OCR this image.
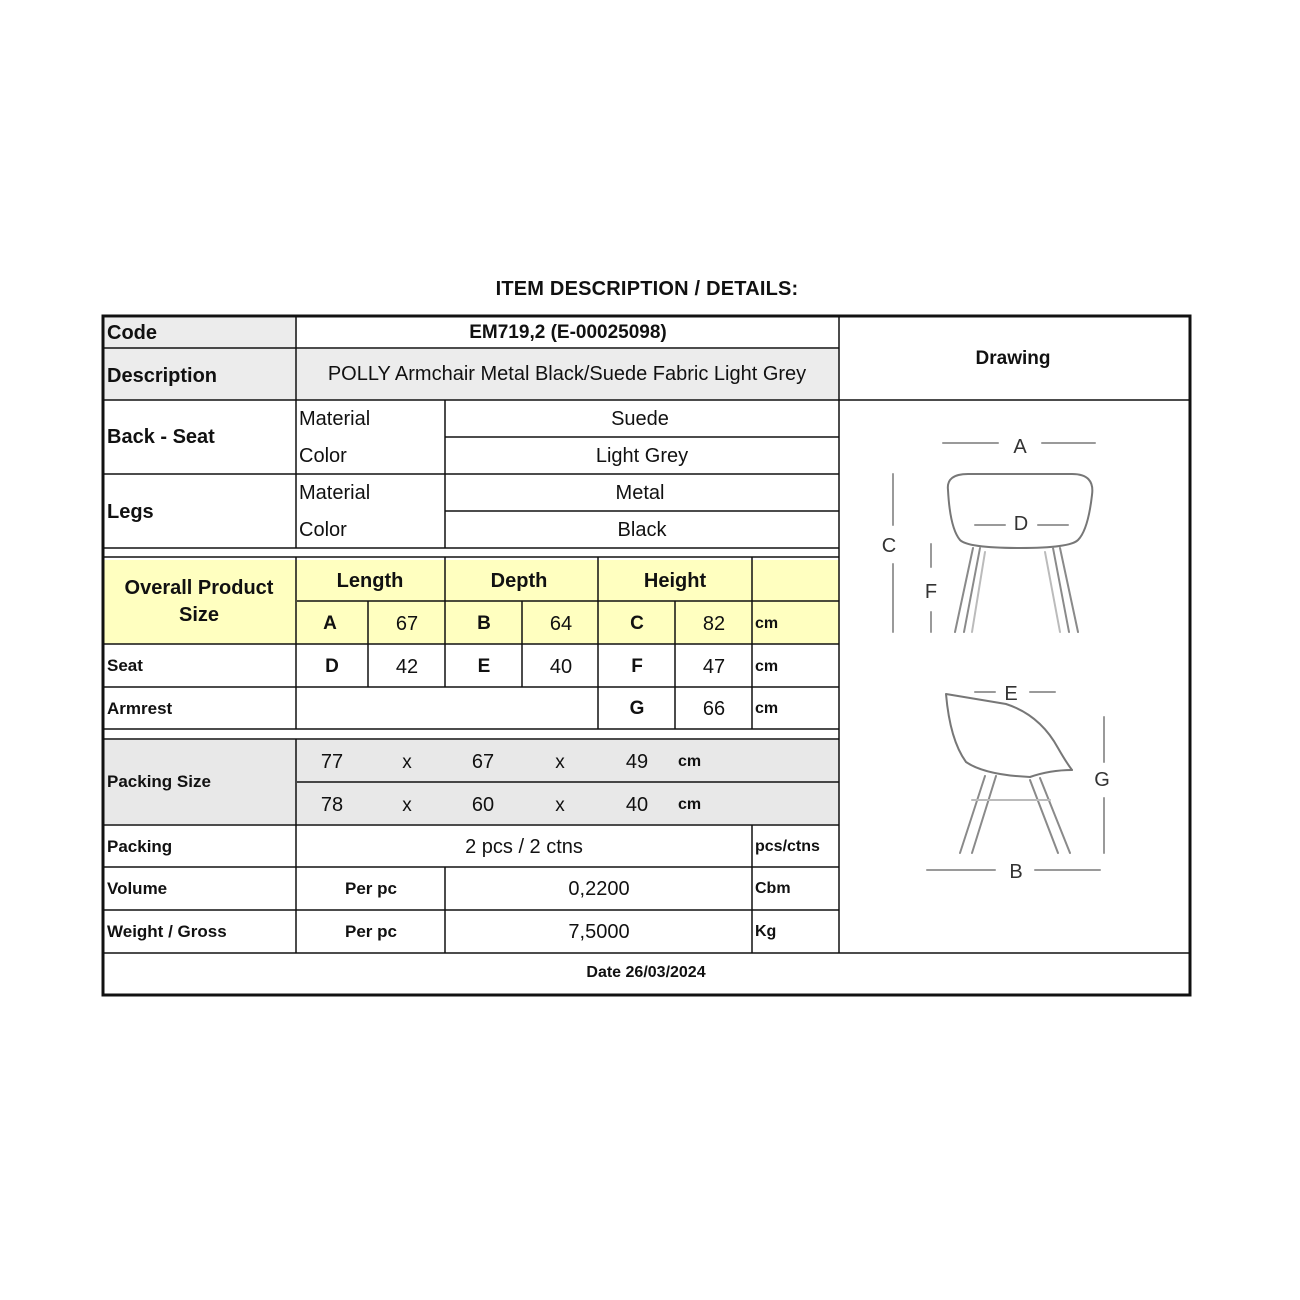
ITEM DESCRIPTION / DETAILS:
Code	EM719,2 (E-00025098)
Description	POLLY Armchair Metal Black/Suede Fabric Light Grey
Drawing
Back - Seat
Material	Suede
Color	Light Grey
Legs
Material	Metal
Color	Black
Overall Product
Size
Length	Depth	Height
A	67	B	64	C	82 cm
Seat	D	42	E	40	F	47 cm
Armrest	G	66 cm
Packing Size
77	x	67	x	49 cm
78	x	60	x	40 cm
Packing	2 pcs / 2 ctns	pcs/ctns
Volume	Per pc	0,2200	Cbm
Weight / Gross	Per pc	7,5000	Kg
Date 26/03/2024
A
D
C
F
E
G
B
